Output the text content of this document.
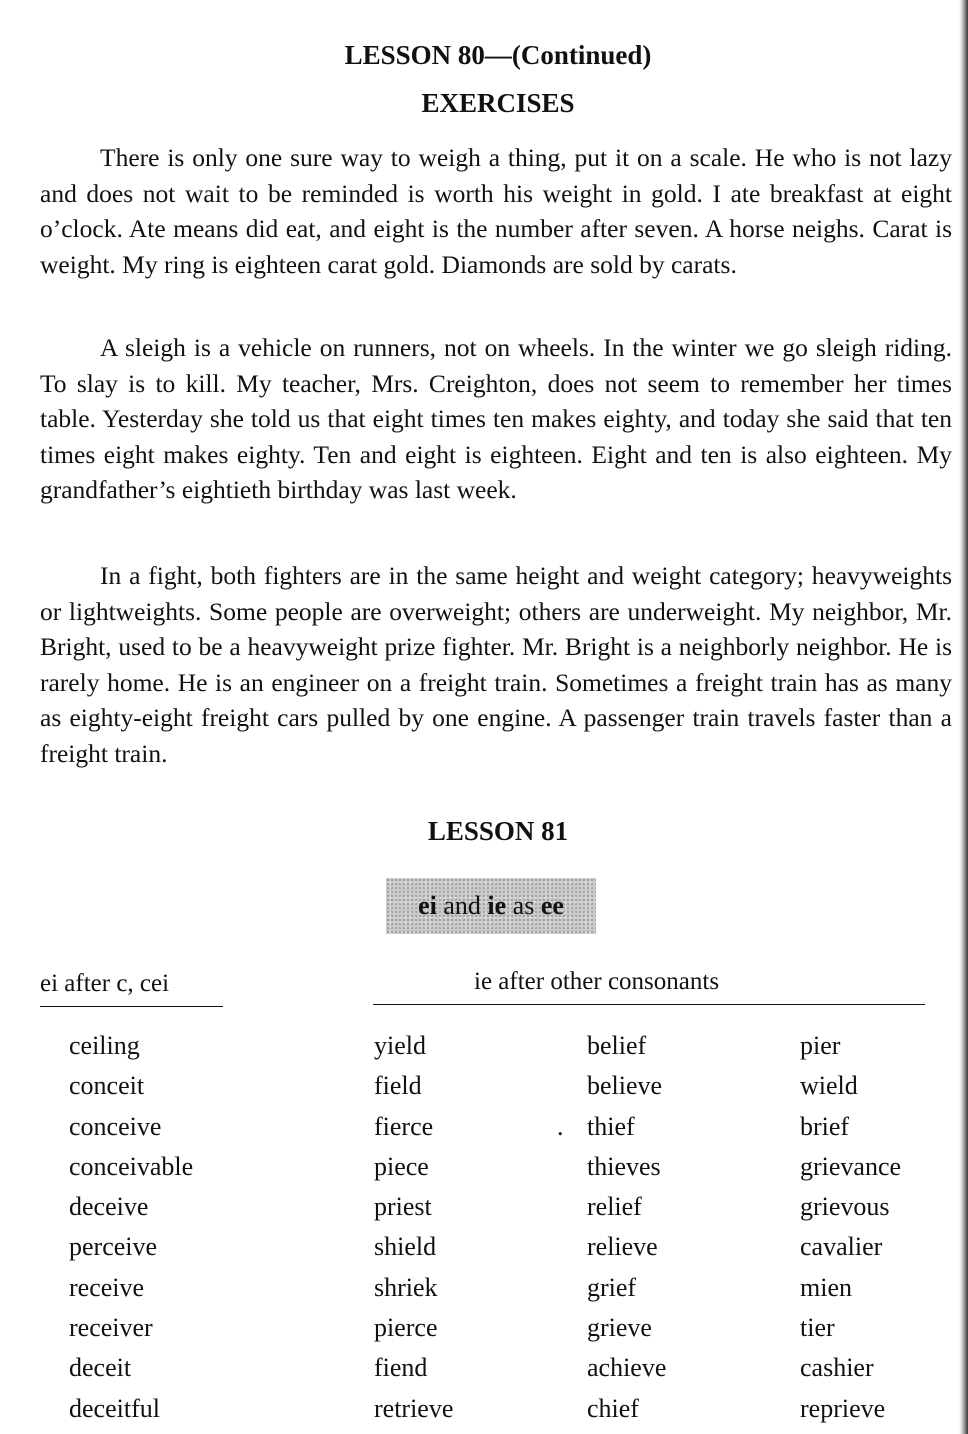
LESSON 80—(Continued)
EXERCISES

There is only one sure way to weigh a thing, put it on a scale. He who is not lazy and does not wait to be reminded is worth his weight in gold. I ate breakfast at eight o’clock. Ate means did eat, and eight is the number after seven. A horse neighs. Carat is weight. My ring is eighteen carat gold. Diamonds are sold by carats.

A sleigh is a vehicle on runners, not on wheels. In the winter we go sleigh riding. To slay is to kill. My teacher, Mrs. Creighton, does not seem to remember her times table. Yesterday she told us that eight times ten makes eighty, and today she said that ten times eight makes eighty. Ten and eight is eighteen. Eight and ten is also eighteen. My grandfather’s eightieth birthday was last week.

In a fight, both fighters are in the same height and weight category; heavyweights or lightweights. Some people are overweight; others are underweight. My neighbor, Mr. Bright, used to be a heavyweight prize fighter. Mr. Bright is a neighborly neighbor. He is rarely home. He is an engineer on a freight train. Sometimes a freight train has as many as eighty-eight freight cars pulled by one engine. A passenger train travels faster than a freight train.

LESSON 81
ei
and
ie
as
ee
ei after c, cei	ie after other consonants
ceiling
conceit
conceive
conceivable
deceive
perceive
receive
receiver
deceit
deceitful
yield
field
fierce
piece
priest
shield
shriek
pierce
fiend
retrieve
belief
believe
thief
thieves
relief
relieve
grief
grieve
achieve
chief
pier
wield
brief
grievance
grievous
cavalier
mien
tier
cashier
reprieve
.
